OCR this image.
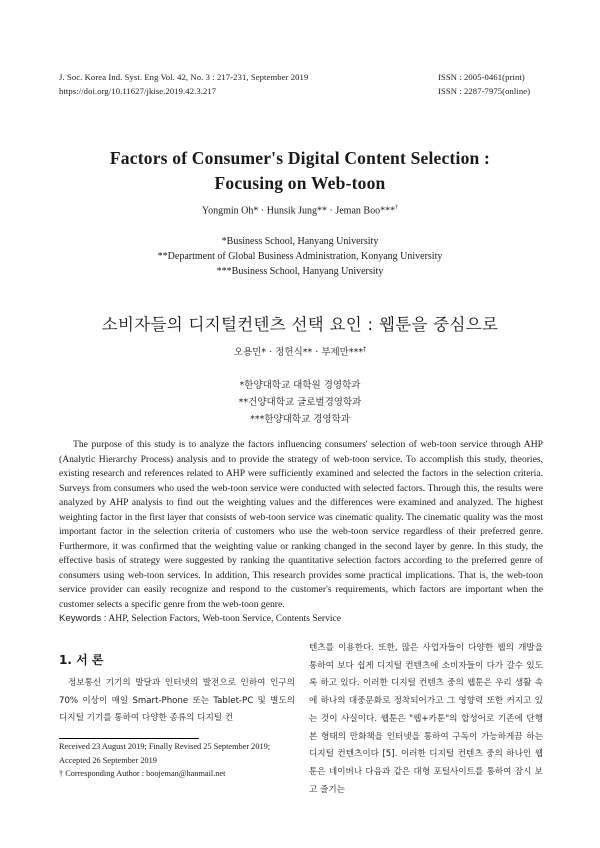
J. Soc. Korea Ind. Syst. Eng Vol. 42, No. 3 : 217-231, September 2019
https://doi.org/10.11627/jkise.2019.42.3.217
ISSN : 2005-0461(print)
ISSN : 2287-7975(online)
Factors of Consumer's Digital Content Selection :
Focusing on Web-toon
Yongmin Oh* · Hunsik Jung** · Jeman Boo***†
*Business School, Hanyang University
**Department of Global Business Administration, Konyang University
***Business School, Hanyang University
소비자들의 디지털컨텐츠 선택 요인 : 웹툰을 중심으로
오용민* · 정헌식** · 부제만***†
*한양대학교 대학원 경영학과
**건양대학교 글로벌경영학과
***한양대학교 경영학과

The purpose of this study is to analyze the factors influencing consumers' selection of web-toon service through AHP (Analytic Hierarchy Process) analysis and to provide the strategy of web-toon service. To accomplish this study, theories, existing research and references related to AHP were sufficiently examined and selected the factors in the selection criteria. Surveys from consumers who used the web-toon service were conducted with selected factors. Through this, the results were analyzed by AHP analysis to find out the weighting values and the differences were examined and analyzed. The highest weighting factor in the first layer that consists of web-toon service was cinematic quality. The cinematic quality was the most important factor in the selection criteria of customers who use the web-toon service regardless of their preferred genre. Furthermore, it was confirmed that the weighting value or ranking changed in the second layer by genre. In this study, the effective basis of strategy were suggested by ranking the quantitative selection factors according to the preferred genre of consumers using web-toon services. In addition, This research provides some practical implications. That is, the web-toon service provider can easily recognize and respond to the customer's requirements, which factors are important when the customer selects a specific genre from the web-toon genre.

Keywords : AHP, Selection Factors, Web-toon Service, Contents Service
1. 서 론

정보통신 기기의 발달과 인터넷의 발전으로 인하여 인구의 70% 이상이 매일 Smart-Phone 또는 Tablet-PC 및 별도의 디지털 기기를 통하여 다양한 종류의 디지털 컨

Received 23 August 2019; Finally Revised 25 September 2019;
Accepted 26 September 2019
† Corresponding Author : boojeman@hanmail.net

텐츠를 이용한다. 또한, 많은 사업자들이 다양한 웹의 개발을 통하여 보다 쉽게 디지털 컨텐츠에 소비자들이 다가 갈수 있도록 하고 있다. 이러한 디지털 컨텐츠 중의 웹툰은 우리 생활 속에 하나의 대중문화로 정착되어가고 그 영향력 또한 커지고 있는 것이 사실이다. 웹툰은 "웹+카툰"의 합성어로 기존에 단행본 형태의 만화책을 인터넷을 통하여 구독이 가능하게끔 하는 디지털 컨텐츠이다 [5]. 이러한 디지털 컨텐츠 중의 하나인 웹툰은 네이버나 다음과 같은 대형 포털사이트를 통하여 잠시 보고 즐기는
